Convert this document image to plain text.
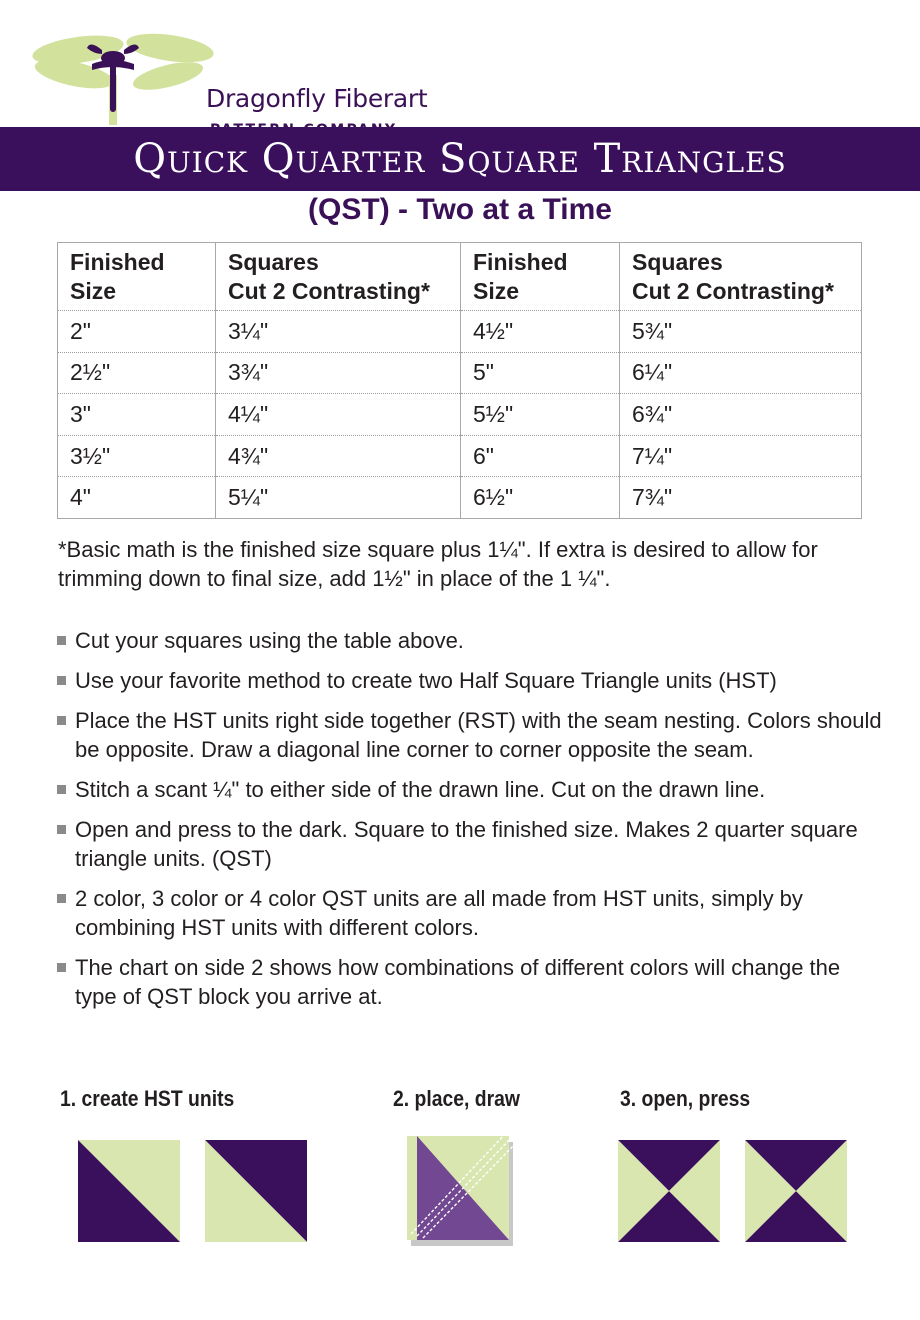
Dragonfly Fiberart
Quick Quarter Square Triangles
(QST) - Two at a Time
Finished
Size	Squares
Cut 2 Contrasting*	Finished
Size	Squares
Cut 2 Contrasting*

2"	3¼"	4½"	5¾"
2½"	3¾"	5"	6¼"
3"	4¼"	5½"	6¾"
3½"	4¾"	6"	7¼"
4"	5¼"	6½"	7¾"
*Basic math is the finished size square plus 1¼". If extra is desired to allow for trimming down to final size, add 1½" in place of the 1 ¼".
Cut your squares using the table above.
Use your favorite method to create two Half Square Triangle units (HST)
Place the HST units right side together (RST) with the seam nesting. Colors should be opposite. Draw a diagonal line corner to corner opposite the seam.
Stitch a scant ¼" to either side of the drawn line. Cut on the drawn line.
Open and press to the dark. Square to the finished size. Makes 2 quarter square triangle units. (QST)
2 color, 3 color or 4 color QST units are all made from HST units, simply by combining HST units with different colors.
The chart on side 2 shows how combinations of different colors will change the type of QST block you arrive at.
1. create HST units	2. place, draw	3. open, press
